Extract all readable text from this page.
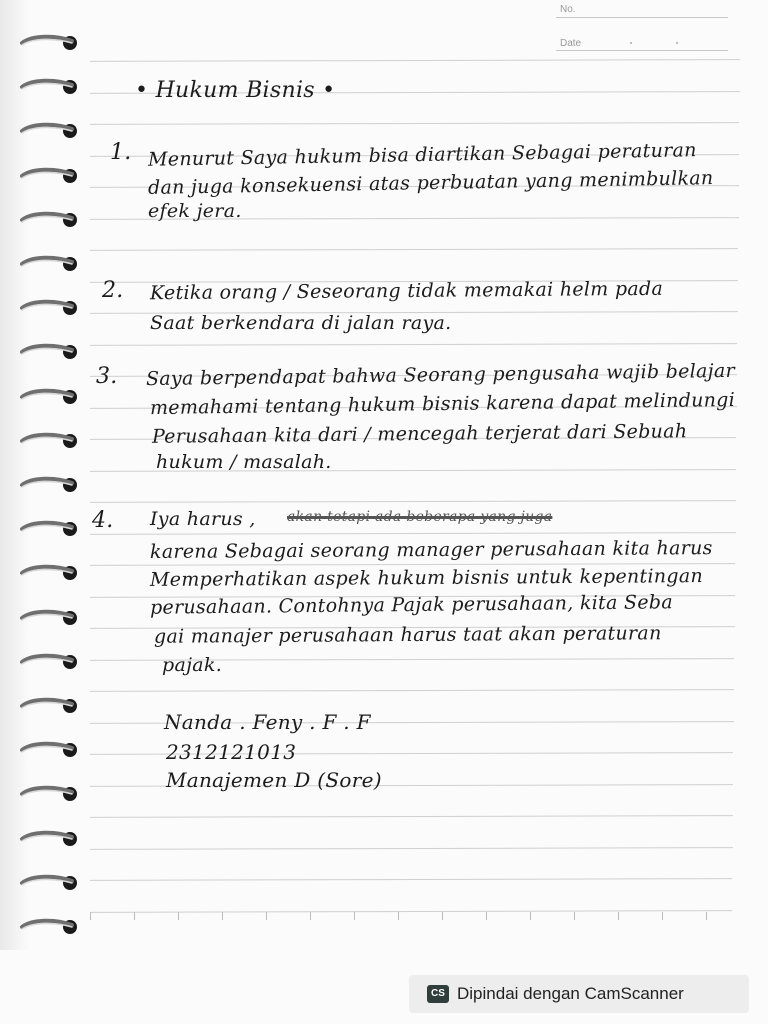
No.
Date
• Hukum Bisnis •
1. Menurut Saya hukum bisa diartikan Sebagai peraturan
dan juga konsekuensi atas perbuatan yang menimbulkan
efek jera.
2. Ketika orang / Seseorang tidak memakai helm pada
Saat berkendara di jalan raya.
3. Saya berpendapat bahwa Seorang pengusaha wajib belajar
memahami tentang hukum bisnis karena dapat melindungi
Perusahaan kita dari / mencegah terjerat dari Sebuah
hukum / masalah.
4. Iya harus , akan tetapi ada beberapa yang juga
karena Sebagai seorang manager perusahaan kita harus
Memperhatikan aspek hukum bisnis untuk kepentingan
perusahaan. Contohnya Pajak perusahaan, kita Seba
gai manajer perusahaan harus taat akan peraturan
pajak.
Nanda . Feny . F . F
2312121013
Manajemen D (Sore)
CS Dipindai dengan CamScanner
